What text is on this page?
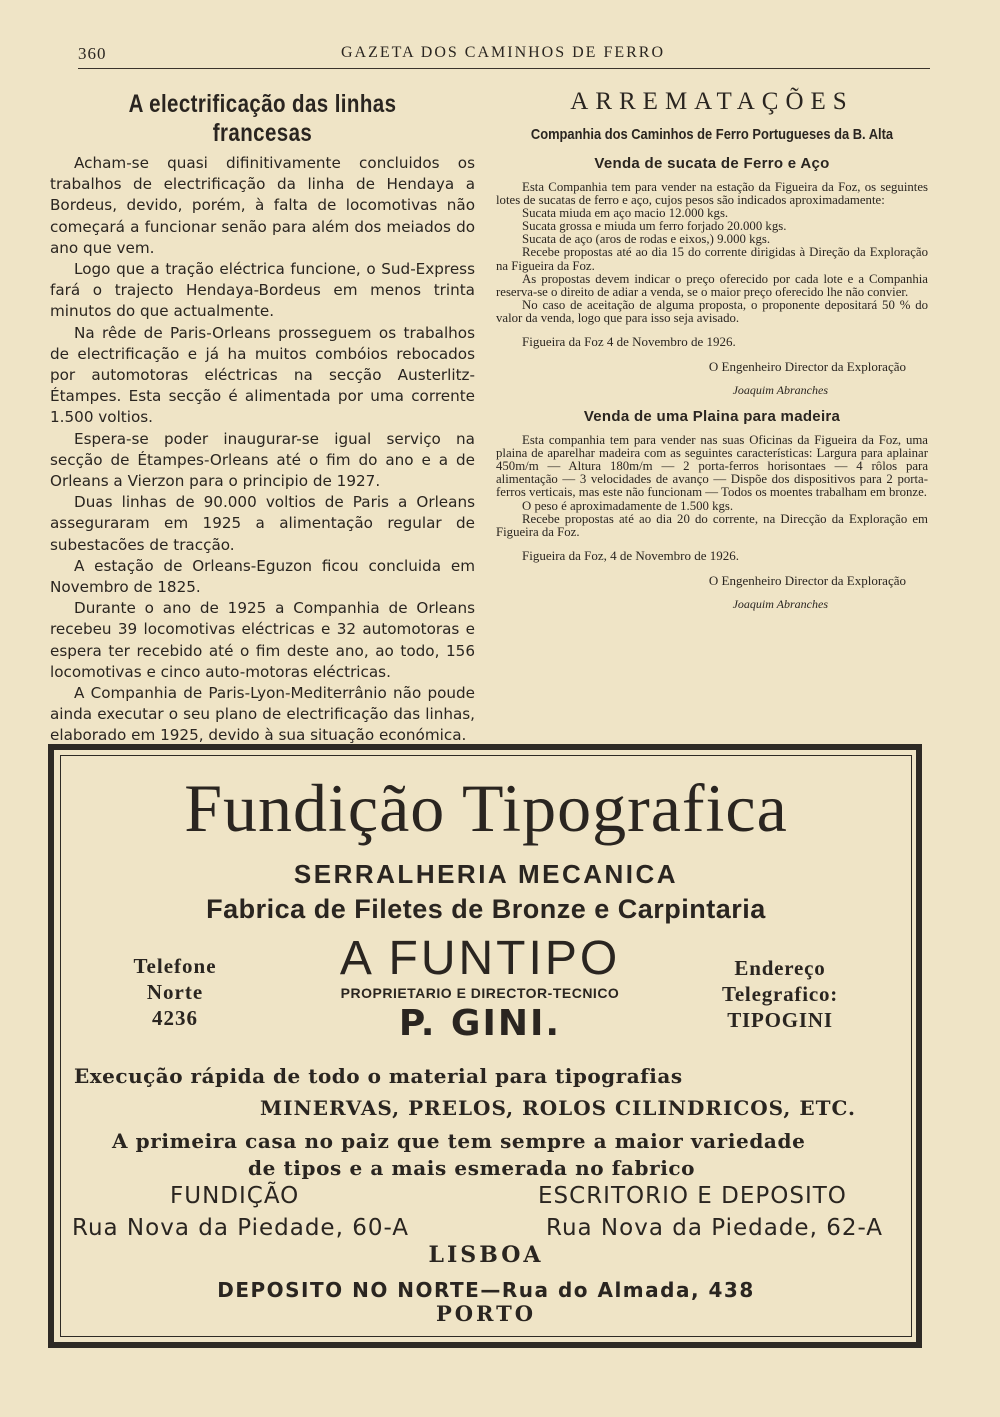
360	GAZETA DOS CAMINHOS DE FERRO
A electrificação das linhas francesas

Acham-se quasi difinitivamente concluidos os trabalhos de electrificação da linha de Hendaya a Bordeus, devido, porém, à falta de locomotivas não começará a funcionar senão para além dos meiados do ano que vem.

Logo que a tração eléctrica funcione, o Sud-Express fará o trajecto Hendaya-Bordeus em menos trinta minutos do que actualmente.

Na rêde de Paris-Orleans prosseguem os trabalhos de electrificação e já ha muitos combóios rebocados por automotoras eléctricas na secção Austerlitz-Étampes. Esta secção é alimentada por uma corrente 1.500 voltios.

Espera-se poder inaugurar-se igual serviço na secção de Étampes-Orleans até o fim do ano e a de Orleans a Vierzon para o principio de 1927.

Duas linhas de 90.000 voltios de Paris a Orleans asseguraram em 1925 a alimentação regular de subestacões de tracção.

A estação de Orleans-Eguzon ficou concluida em Novembro de 1825.

Durante o ano de 1925 a Companhia de Orleans recebeu 39 locomotivas eléctricas e 32 automotoras e espera ter recebido até o fim deste ano, ao todo, 156 locomotivas e cinco auto-motoras eléctricas.

A Companhia de Paris-Lyon-Mediterrânio não poude ainda executar o seu plano de electrificação das linhas, elaborado em 1925, devido à sua situação económica.

ARREMATAÇÕES
Companhia dos Caminhos de Ferro Portugueses da B. Alta
Venda de sucata de Ferro e Aço

Esta Companhia tem para vender na estação da Figueira da Foz, os seguintes lotes de sucatas de ferro e aço, cujos pesos são indicados aproximadamente:

Sucata miuda em aço macio 12.000 kgs.

Sucata grossa e miuda um ferro forjado 20.000 kgs.

Sucata de aço (aros de rodas e eixos,) 9.000 kgs.

Recebe propostas até ao dia 15 do corrente dirigidas à Direção da Exploração na Figueira da Foz.

As propostas devem indicar o preço oferecido por cada lote e a Companhia reserva-se o direito de adiar a venda, se o maior preço oferecido lhe não convier.

No caso de aceitação de alguma proposta, o proponente depositará 50 % do valor da venda, logo que para isso seja avisado.

Figueira da Foz 4 de Novembro de 1926.

O Engenheiro Director da Exploração

Joaquim Abranches

Venda de uma Plaina para madeira

Esta companhia tem para vender nas suas Oficinas da Figueira da Foz, uma plaina de aparelhar madeira com as seguintes características: Largura para aplainar 450m/m — Altura 180m/m — 2 porta-ferros horisontaes — 4 rôlos para alimentação — 3 velocidades de avanço — Dispõe dos dispositivos para 2 porta-ferros verticais, mas este não funcionam — Todos os moentes trabalham em bronze.

O peso é aproximadamente de 1.500 kgs.

Recebe propostas até ao dia 20 do corrente, na Direcção da Exploração em Figueira da Foz.

Figueira da Foz, 4 de Novembro de 1926.

O Engenheiro Director da Exploração

Joaquim Abranches

Fundição Tipografica
SERRALHERIA MECANICA
Fabrica de Filetes de Bronze e Carpintaria
Telefone
Norte
4236
A FUNTIPO
PROPRIETARIO E DIRECTOR-TECNICO
P. GINI.
Endereço
Telegrafico:
TIPOGINI
Execução rápida de todo o material para tipografias
MINERVAS, PRELOS, ROLOS CILINDRICOS, ETC.
A primeira casa no paiz que tem sempre a maior variedade
de tipos e a mais esmerada no fabrico
FUNDIÇÃO	ESCRITORIO E DEPOSITO
Rua Nova da Piedade, 60-A	Rua Nova da Piedade, 62-A
LISBOA
DEPOSITO NO NORTE—Rua do Almada, 438
PORTO
